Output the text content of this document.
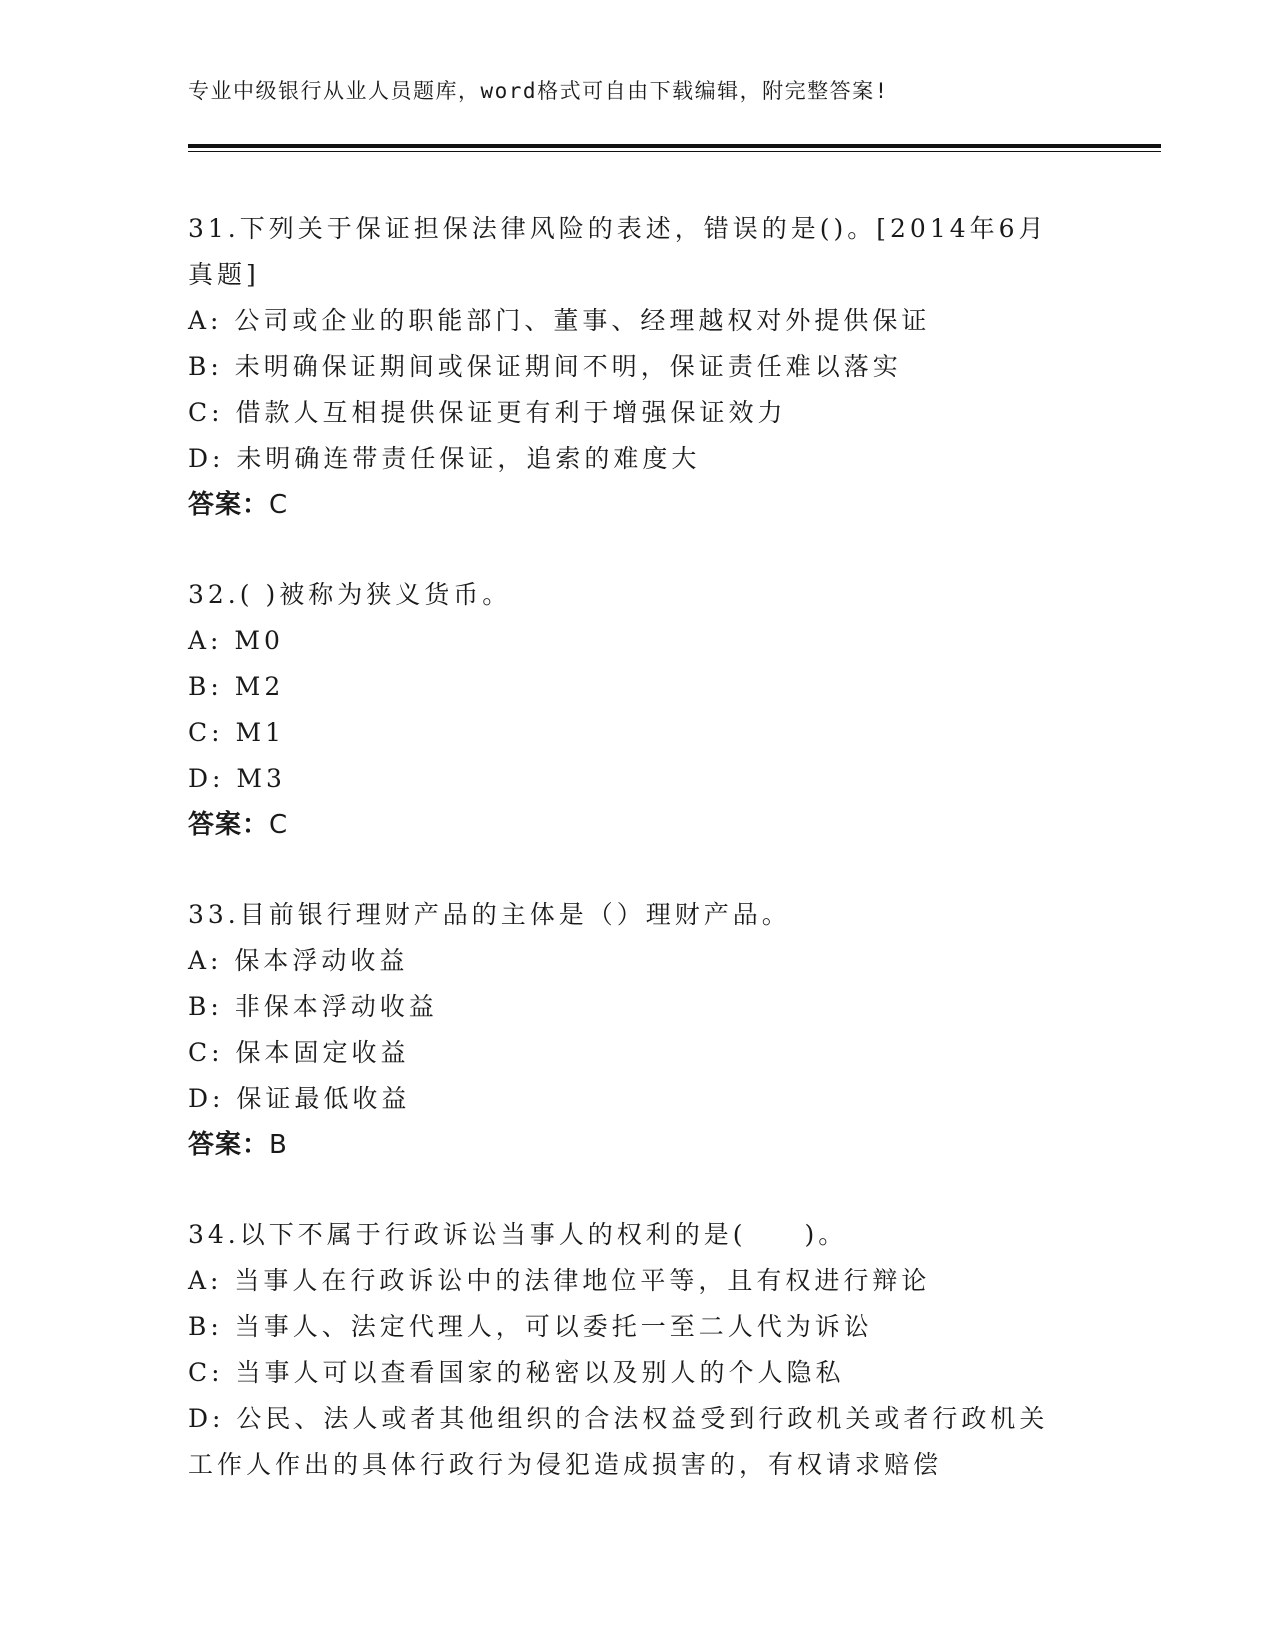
专业中级银行从业人员题库，word格式可自由下载编辑，附完整答案!
31.下列关于保证担保法律风险的表述，错误的是()。[2014年6月真题]
A: 公司或企业的职能部门、董事、经理越权对外提供保证
B: 未明确保证期间或保证期间不明，保证责任难以落实
C: 借款人互相提供保证更有利于增强保证效力
D: 未明确连带责任保证，追索的难度大
答案：C
32.( )被称为狭义货币。
A: M0
B: M2
C: M1
D: M3
答案：C
33.目前银行理财产品的主体是（）理财产品。
A: 保本浮动收益
B: 非保本浮动收益
C: 保本固定收益
D: 保证最低收益
答案：B
34.以下不属于行政诉讼当事人的权利的是(　　)。
A: 当事人在行政诉讼中的法律地位平等，且有权进行辩论
B: 当事人、法定代理人，可以委托一至二人代为诉讼
C: 当事人可以查看国家的秘密以及别人的个人隐私
D: 公民、法人或者其他组织的合法权益受到行政机关或者行政机关工作人作出的具体行政行为侵犯造成损害的，有权请求赔偿
